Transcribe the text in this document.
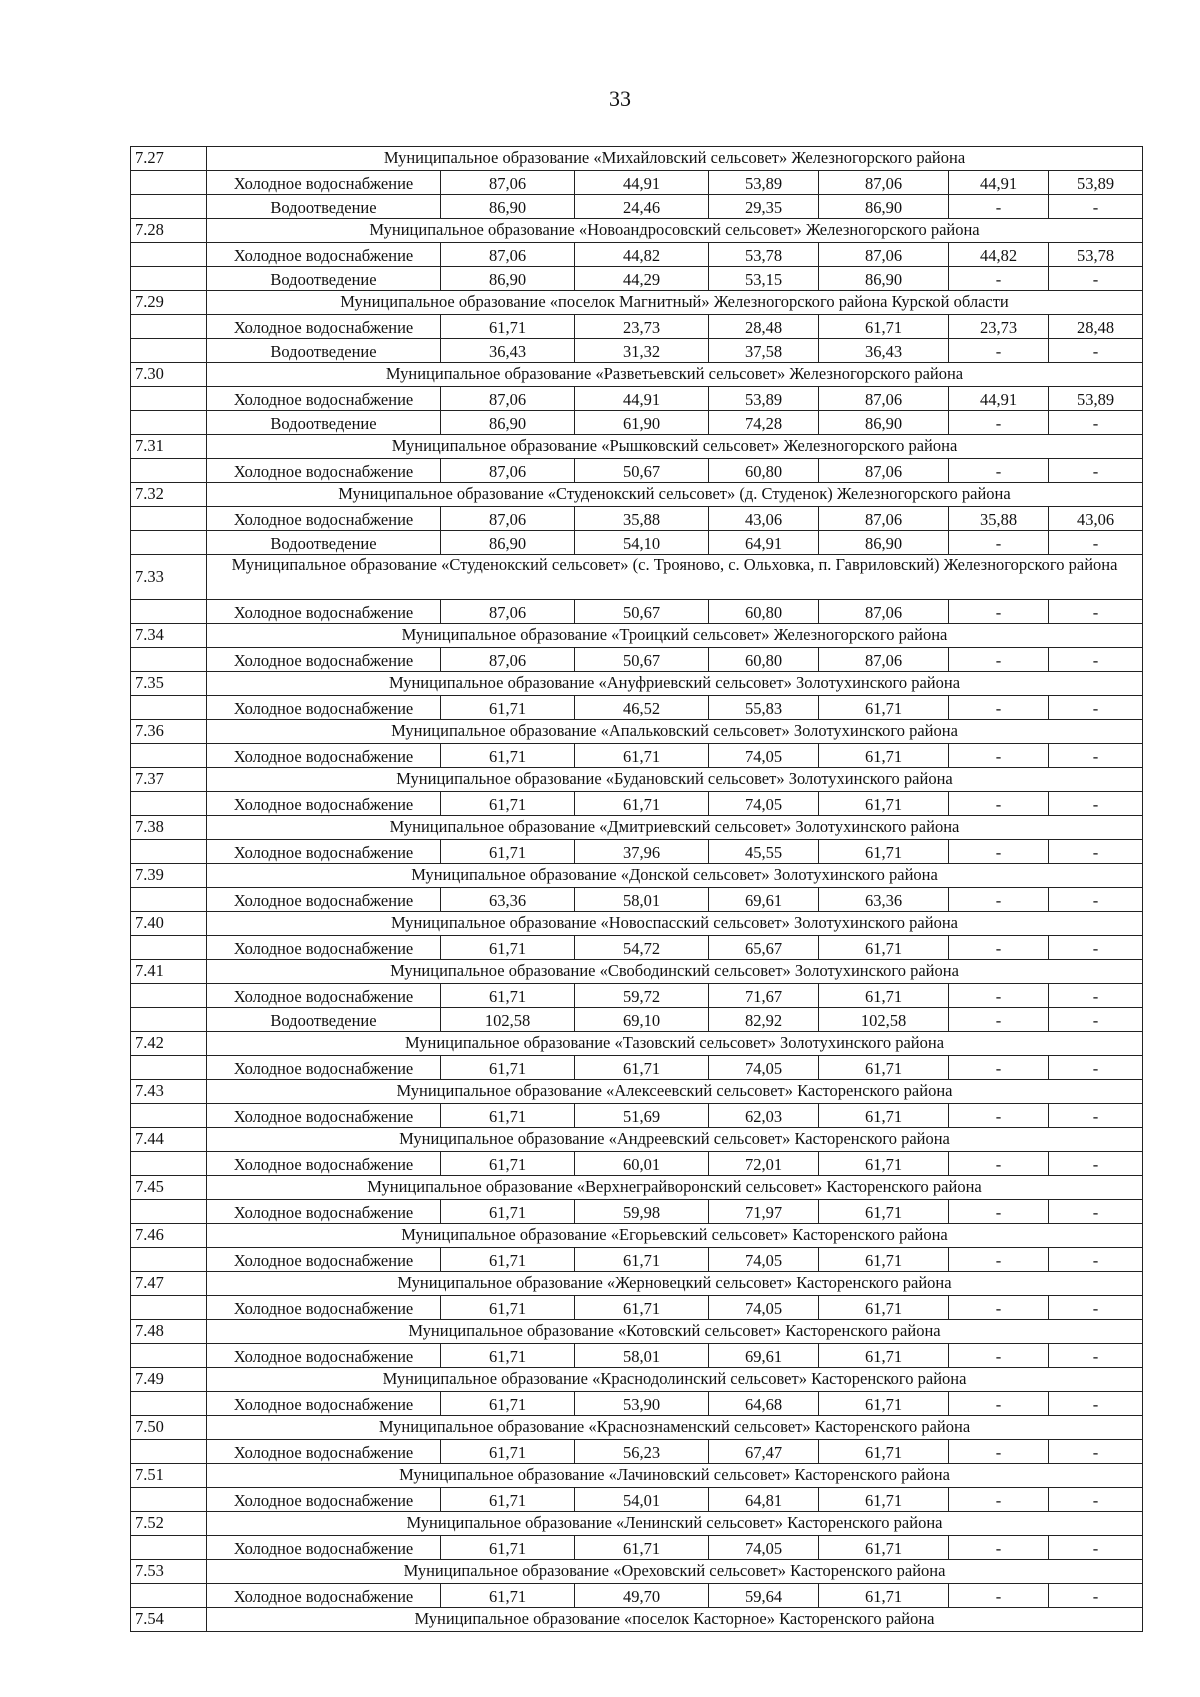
33
7.27	Муниципальное образование «Михайловский сельсовет» Железногорского района						
	Холодное водоснабжение	87,06	44,91	53,89	87,06	44,91	53,89
	Водоотведение	86,90	24,46	29,35	86,90	-	-
7.28	Муниципальное образование «Новоандросовский сельсовет» Железногорского района						
	Холодное водоснабжение	87,06	44,82	53,78	87,06	44,82	53,78
	Водоотведение	86,90	44,29	53,15	86,90	-	-
7.29	Муниципальное образование «поселок Магнитный» Железногорского района Курской области						
	Холодное водоснабжение	61,71	23,73	28,48	61,71	23,73	28,48
	Водоотведение	36,43	31,32	37,58	36,43	-	-
7.30	Муниципальное образование «Разветьевский сельсовет» Железногорского района						
	Холодное водоснабжение	87,06	44,91	53,89	87,06	44,91	53,89
	Водоотведение	86,90	61,90	74,28	86,90	-	-
7.31	Муниципальное образование «Рышковский сельсовет» Железногорского района						
	Холодное водоснабжение	87,06	50,67	60,80	87,06	-	-
7.32	Муниципальное образование «Студенокский сельсовет» (д. Студенок) Железногорского района						
	Холодное водоснабжение	87,06	35,88	43,06	87,06	35,88	43,06
	Водоотведение	86,90	54,10	64,91	86,90	-	-
7.33	Муниципальное образование «Студенокский сельсовет» (с. Трояново, с. Ольховка, п. Гавриловский) Железногорского района						
	Холодное водоснабжение	87,06	50,67	60,80	87,06	-	-
7.34	Муниципальное образование «Троицкий сельсовет» Железногорского района						
	Холодное водоснабжение	87,06	50,67	60,80	87,06	-	-
7.35	Муниципальное образование «Ануфриевский сельсовет» Золотухинского района						
	Холодное водоснабжение	61,71	46,52	55,83	61,71	-	-
7.36	Муниципальное образование «Апальковский сельсовет» Золотухинского района						
	Холодное водоснабжение	61,71	61,71	74,05	61,71	-	-
7.37	Муниципальное образование «Будановский сельсовет» Золотухинского района						
	Холодное водоснабжение	61,71	61,71	74,05	61,71	-	-
7.38	Муниципальное образование «Дмитриевский сельсовет» Золотухинского района						
	Холодное водоснабжение	61,71	37,96	45,55	61,71	-	-
7.39	Муниципальное образование «Донской сельсовет» Золотухинского района						
	Холодное водоснабжение	63,36	58,01	69,61	63,36	-	-
7.40	Муниципальное образование «Новоспасский сельсовет» Золотухинского района						
	Холодное водоснабжение	61,71	54,72	65,67	61,71	-	-
7.41	Муниципальное образование «Свободинский сельсовет» Золотухинского района						
	Холодное водоснабжение	61,71	59,72	71,67	61,71	-	-
	Водоотведение	102,58	69,10	82,92	102,58	-	-
7.42	Муниципальное образование «Тазовский сельсовет» Золотухинского района						
	Холодное водоснабжение	61,71	61,71	74,05	61,71	-	-
7.43	Муниципальное образование «Алексеевский сельсовет» Касторенского района						
	Холодное водоснабжение	61,71	51,69	62,03	61,71	-	-
7.44	Муниципальное образование «Андреевский сельсовет» Касторенского района						
	Холодное водоснабжение	61,71	60,01	72,01	61,71	-	-
7.45	Муниципальное образование «Верхнеграйворонский сельсовет» Касторенского района						
	Холодное водоснабжение	61,71	59,98	71,97	61,71	-	-
7.46	Муниципальное образование «Егорьевский сельсовет» Касторенского района						
	Холодное водоснабжение	61,71	61,71	74,05	61,71	-	-
7.47	Муниципальное образование «Жерновецкий сельсовет» Касторенского района						
	Холодное водоснабжение	61,71	61,71	74,05	61,71	-	-
7.48	Муниципальное образование «Котовский сельсовет» Касторенского района						
	Холодное водоснабжение	61,71	58,01	69,61	61,71	-	-
7.49	Муниципальное образование «Краснодолинский сельсовет» Касторенского района						
	Холодное водоснабжение	61,71	53,90	64,68	61,71	-	-
7.50	Муниципальное образование «Краснознаменский сельсовет» Касторенского района						
	Холодное водоснабжение	61,71	56,23	67,47	61,71	-	-
7.51	Муниципальное образование «Лачиновский сельсовет» Касторенского района						
	Холодное водоснабжение	61,71	54,01	64,81	61,71	-	-
7.52	Муниципальное образование «Ленинский сельсовет» Касторенского района						
	Холодное водоснабжение	61,71	61,71	74,05	61,71	-	-
7.53	Муниципальное образование «Ореховский сельсовет» Касторенского района						
	Холодное водоснабжение	61,71	49,70	59,64	61,71	-	-
7.54	Муниципальное образование «поселок Касторное» Касторенского района						
